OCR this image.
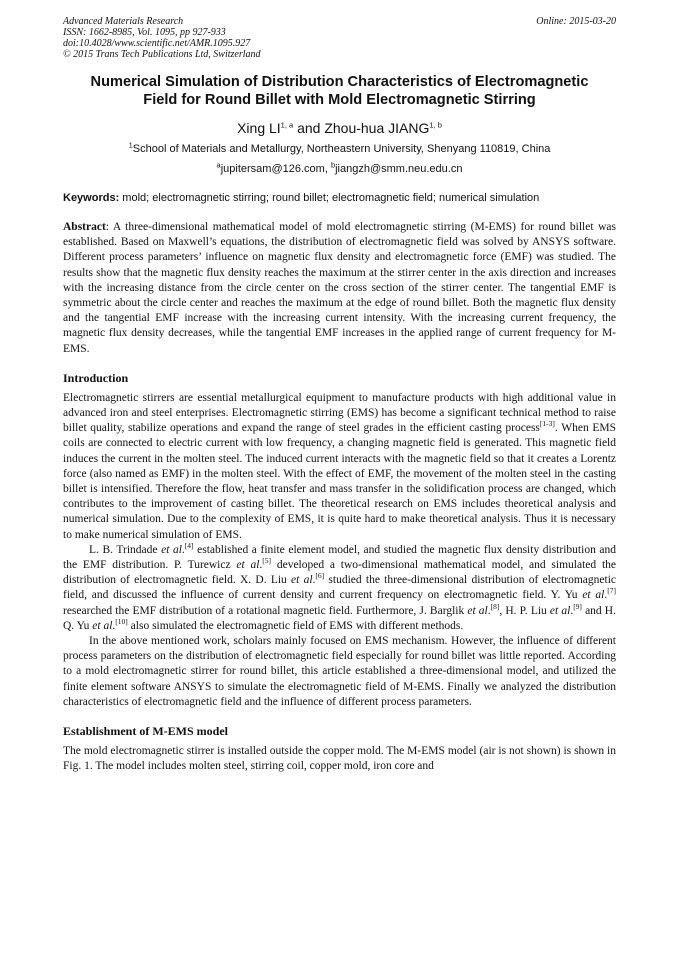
Advanced Materials Research
ISSN: 1662-8985, Vol. 1095, pp 927-933
doi:10.4028/www.scientific.net/AMR.1095.927
© 2015 Trans Tech Publications Ltd, Switzerland
Online: 2015-03-20
Numerical Simulation of Distribution Characteristics of Electromagnetic
Field for Round Billet with Mold Electromagnetic Stirring
Xing LI$^{1, a}$ and Zhou-hua JIANG$^{1, b}$
$^1$School of Materials and Metallurgy, Northeastern University, Shenyang 110819, China
$^a$jupitersam@126.com, $^b$jiangzh@smm.neu.edu.cn
Keywords: mold; electromagnetic stirring; round billet; electromagnetic field; numerical simulation

Abstract: A three-dimensional mathematical model of mold electromagnetic stirring (M-EMS) for round billet was established. Based on Maxwell’s equations, the distribution of electromagnetic field was solved by ANSYS software. Different process parameters’ influence on magnetic flux density and electromagnetic force (EMF) was studied. The results show that the magnetic flux density reaches the maximum at the stirrer center in the axis direction and increases with the increasing distance from the circle center on the cross section of the stirrer center. The tangential EMF is symmetric about the circle center and reaches the maximum at the edge of round billet. Both the magnetic flux density and the tangential EMF increase with the increasing current intensity. With the increasing current frequency, the magnetic flux density decreases, while the tangential EMF increases in the applied range of current frequency for M-EMS.

Introduction

Electromagnetic stirrers are essential metallurgical equipment to manufacture products with high additional value in advanced iron and steel enterprises. Electromagnetic stirring (EMS) has become a significant technical method to raise billet quality, stabilize operations and expand the range of steel grades in the efficient casting process[1-3]. When EMS coils are connected to electric current with low frequency, a changing magnetic field is generated. This magnetic field induces the current in the molten steel. The induced current interacts with the magnetic field so that it creates a Lorentz force (also named as EMF) in the molten steel. With the effect of EMF, the movement of the molten steel in the casting billet is intensified. Therefore the flow, heat transfer and mass transfer in the solidification process are changed, which contributes to the improvement of casting billet. The theoretical research on EMS includes theoretical analysis and numerical simulation. Due to the complexity of EMS, it is quite hard to make theoretical analysis. Thus it is necessary to make numerical simulation of EMS.

L. B. Trindade et al.[4] established a finite element model, and studied the magnetic flux density distribution and the EMF distribution. P. Turewicz et al.[5] developed a two-dimensional mathematical model, and simulated the distribution of electromagnetic field. X. D. Liu et al.[6] studied the three-dimensional distribution of electromagnetic field, and discussed the influence of current density and current frequency on electromagnetic field. Y. Yu et al.[7] researched the EMF distribution of a rotational magnetic field. Furthermore, J. Barglik et al.[8], H. P. Liu et al.[9] and H. Q. Yu et al.[10] also simulated the electromagnetic field of EMS with different methods.

In the above mentioned work, scholars mainly focused on EMS mechanism. However, the influence of different process parameters on the distribution of electromagnetic field especially for round billet was little reported. According to a mold electromagnetic stirrer for round billet, this article established a three-dimensional model, and utilized the finite element software ANSYS to simulate the electromagnetic field of M-EMS. Finally we analyzed the distribution characteristics of electromagnetic field and the influence of different process parameters.

Establishment of M-EMS model

The mold electromagnetic stirrer is installed outside the copper mold. The M-EMS model (air is not shown) is shown in Fig. 1. The model includes molten steel, stirring coil, copper mold, iron core and
